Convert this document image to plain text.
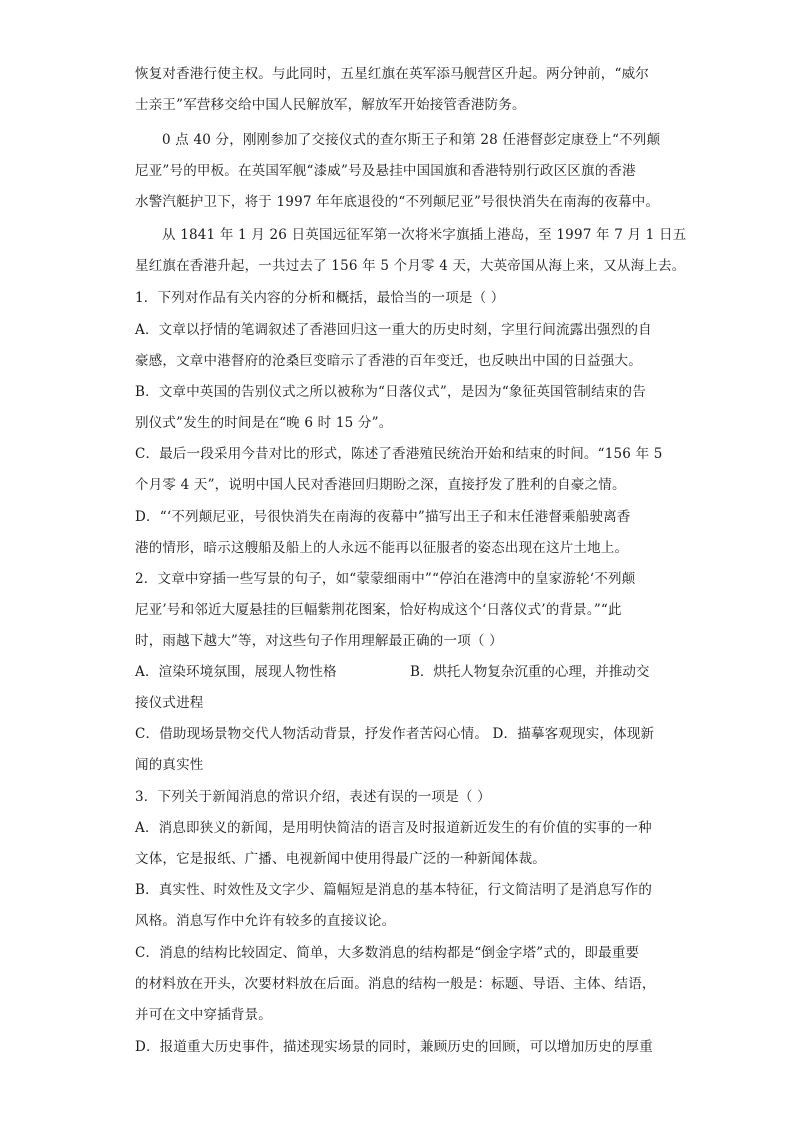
恢复对香港行使主权。与此同时，五星红旗在英军添马舰营区升起。两分钟前，“威尔
士亲王”军营移交给中国人民解放军，解放军开始接管香港防务。
0 点 40 分，刚刚参加了交接仪式的查尔斯王子和第 28 任港督彭定康登上“不列颠
尼亚”号的甲板。在英国军舰“漆威”号及悬挂中国国旗和香港特别行政区区旗的香港
水警汽艇护卫下，将于 1997 年年底退役的“不列颠尼亚”号很快消失在南海的夜幕中。
从 1841 年 1 月 26 日英国远征军第一次将米字旗插上港岛，至 1997 年 7 月 1 日五
星红旗在香港升起，一共过去了 156 年 5 个月零 4 天，大英帝国从海上来，又从海上去。
1．下列对作品有关内容的分析和概括，最恰当的一项是（ ）
A．文章以抒情的笔调叙述了香港回归这一重大的历史时刻，字里行间流露出强烈的自
豪感，文章中港督府的沧桑巨变暗示了香港的百年变迁，也反映出中国的日益强大。
B．文章中英国的告别仪式之所以被称为“日落仪式”，是因为“象征英国管制结束的告
别仪式”发生的时间是在“晚 6 时 15 分”。
C．最后一段采用今昔对比的形式，陈述了香港殖民统治开始和结束的时间。“156 年 5
个月零 4 天”，说明中国人民对香港回归期盼之深，直接抒发了胜利的自豪之情。
D．“‘不列颠尼亚，号很快消失在南海的夜幕中”描写出王子和末任港督乘船驶离香
港的情形，暗示这艘船及船上的人永远不能再以征服者的姿态出现在这片土地上。
2．文章中穿插一些写景的句子，如“蒙蒙细雨中”“停泊在港湾中的皇家游轮‘不列颠
尼亚’号和邻近大厦悬挂的巨幅紫荆花图案，恰好构成这个‘日落仪式’的背景。”“此
时，雨越下越大”等，对这些句子作用理解最正确的一项（ ）
A．渲染环境氛围，展现人物性格	B．烘托人物复杂沉重的心理，并推动交
接仪式进程
C．借助现场景物交代人物活动背景，抒发作者苦闷心情。 D．描摹客观现实，体现新
闻的真实性
3．下列关于新闻消息的常识介绍，表述有误的一项是（ ）
A．消息即狭义的新闻，是用明快简洁的语言及时报道新近发生的有价值的实事的一种
文体，它是报纸、广播、电视新闻中使用得最广泛的一种新闻体裁。
B．真实性、时效性及文字少、篇幅短是消息的基本特征，行文简洁明了是消息写作的
风格。消息写作中允许有较多的直接议论。
C．消息的结构比较固定、简单，大多数消息的结构都是“倒金字塔”式的，即最重要
的材料放在开头，次要材料放在后面。消息的结构一般是：标题、导语、主体、结语，
并可在文中穿插背景。
D．报道重大历史事件，描述现实场景的同时，兼顾历史的回顾，可以增加历史的厚重
